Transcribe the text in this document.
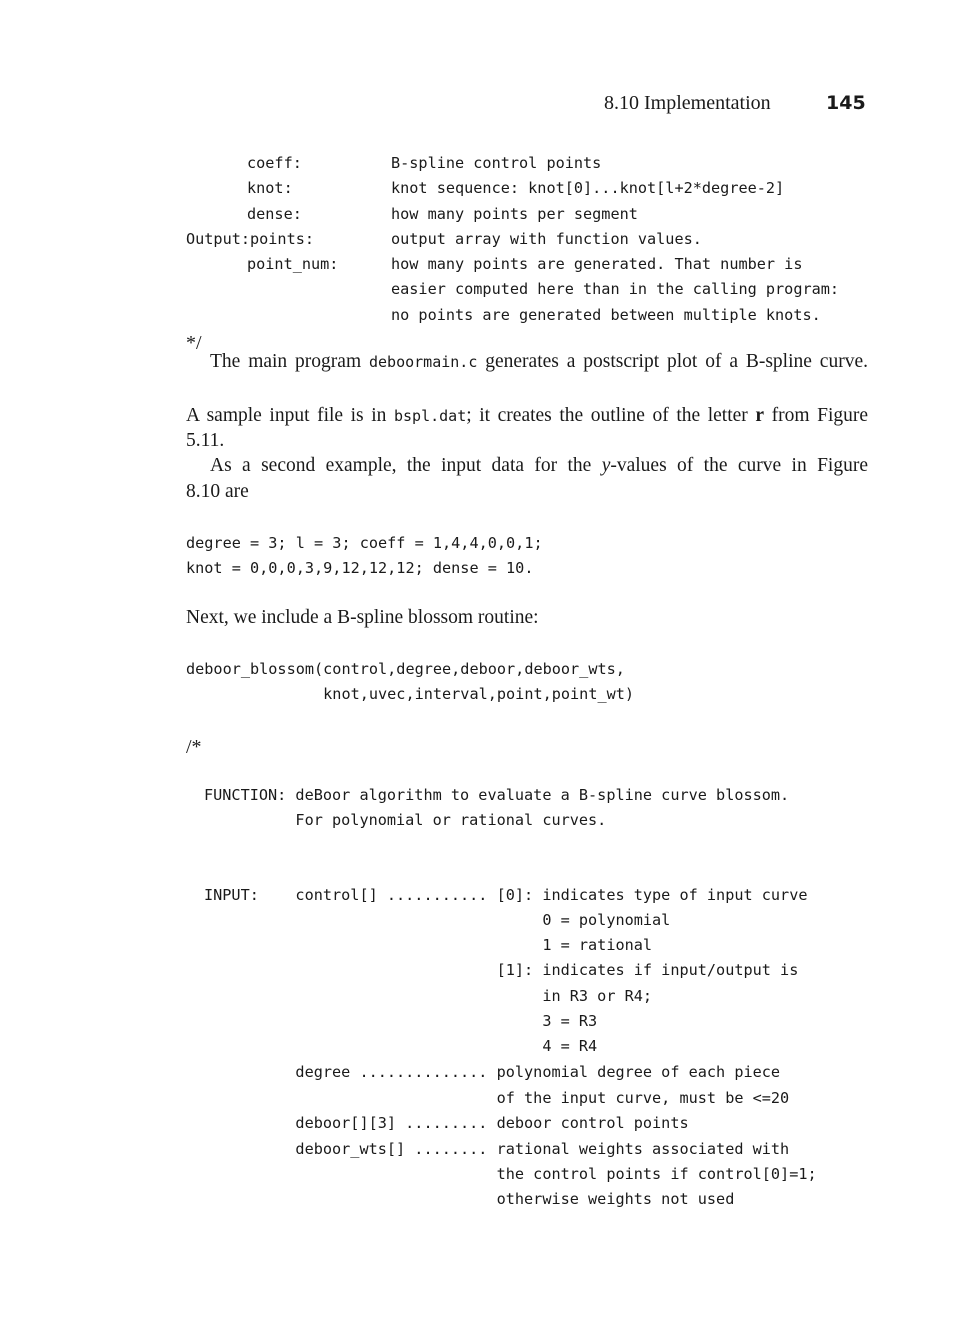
8.10 Implementation	145
coeff:	B-spline control points
knot:	knot sequence: knot[0]...knot[l+2*degree-2]
dense:	how many points per segment
Output:points:	output array with function values.
point_num:	how many points are generated. That number is
easier computed here than in the calling program:
no points are generated between multiple knots.
*/
The main program deboormain.c generates a postscript plot of a B-spline curve.
A sample input file is in bspl.dat; it creates the outline of the letter r from Figure
5.11.
As a second example, the input data for the y-values of the curve in Figure
8.10 are
degree = 3; l = 3; coeff = 1,4,4,0,0,1;
knot = 0,0,0,3,9,12,12,12; dense = 10.
Next, we include a B-spline blossom routine:
deboor_blossom(control,degree,deboor,deboor_wts,
knot,uvec,interval,point,point_wt)
/*
FUNCTION: deBoor algorithm to evaluate a B-spline curve blossom.
For polynomial or rational curves.
INPUT:    control[] ........... [0]: indicates type of input curve
0 = polynomial
1 = rational
[1]: indicates if input/output is
in R3 or R4;
3 = R3
4 = R4
degree .............. polynomial degree of each piece
of the input curve, must be <=20
deboor[][3] ......... deboor control points
deboor_wts[] ........ rational weights associated with
the control points if control[0]=1;
otherwise weights not used
